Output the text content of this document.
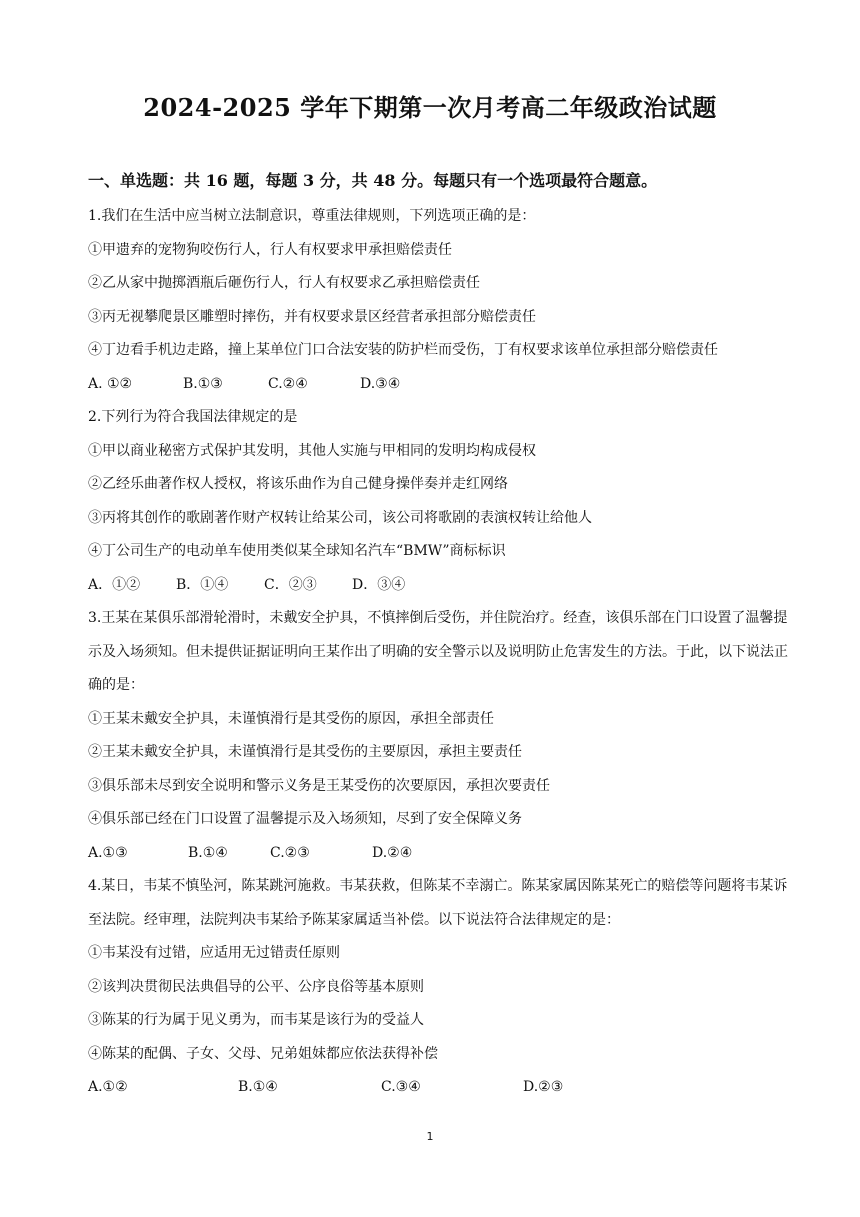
2024-2025 学年下期第一次月考高二年级政治试题
一、单选题：共 16 题，每题 3 分，共 48 分。每题只有一个选项最符合题意。
1.我们在生活中应当树立法制意识，尊重法律规则，下列选项正确的是：
①甲遗弃的宠物狗咬伤行人，行人有权要求甲承担赔偿责任
②乙从家中抛掷酒瓶后砸伤行人，行人有权要求乙承担赔偿责任
③丙无视攀爬景区雕塑时摔伤，并有权要求景区经营者承担部分赔偿责任
④丁边看手机边走路，撞上某单位门口合法安装的防护栏而受伤，丁有权要求该单位承担部分赔偿责任
A. ①②	B.①③	C.②④	D.③④
2.下列行为符合我国法律规定的是
①甲以商业秘密方式保护其发明，其他人实施与甲相同的发明均构成侵权
②乙经乐曲著作权人授权，将该乐曲作为自己健身操伴奏并走红网络
③丙将其创作的歌剧著作财产权转让给某公司，该公司将歌剧的表演权转让给他人
④丁公司生产的电动单车使用类似某全球知名汽车“BMW”商标标识
A．①②	B．①④	C．②③	D．③④
3.王某在某俱乐部滑轮滑时，未戴安全护具，不慎摔倒后受伤，并住院治疗。经查，该俱乐部在门口设置了温馨提示及入场须知。但未提供证据证明向王某作出了明确的安全警示以及说明防止危害发生的方法。于此，以下说法正确的是：
①王某未戴安全护具，未谨慎滑行是其受伤的原因，承担全部责任
②王某未戴安全护具，未谨慎滑行是其受伤的主要原因，承担主要责任
③俱乐部未尽到安全说明和警示义务是王某受伤的次要原因，承担次要责任
④俱乐部已经在门口设置了温馨提示及入场须知，尽到了安全保障义务
A.①③	B.①④	C.②③	D.②④
4.某日，韦某不慎坠河，陈某跳河施救。韦某获救，但陈某不幸溺亡。陈某家属因陈某死亡的赔偿等问题将韦某诉至法院。经审理，法院判决韦某给予陈某家属适当补偿。以下说法符合法律规定的是：
①韦某没有过错，应适用无过错责任原则
②该判决贯彻民法典倡导的公平、公序良俗等基本原则
③陈某的行为属于见义勇为，而韦某是该行为的受益人
④陈某的配偶、子女、父母、兄弟姐妹都应依法获得补偿
A.①②	B.①④	C.③④	D.②③
1
